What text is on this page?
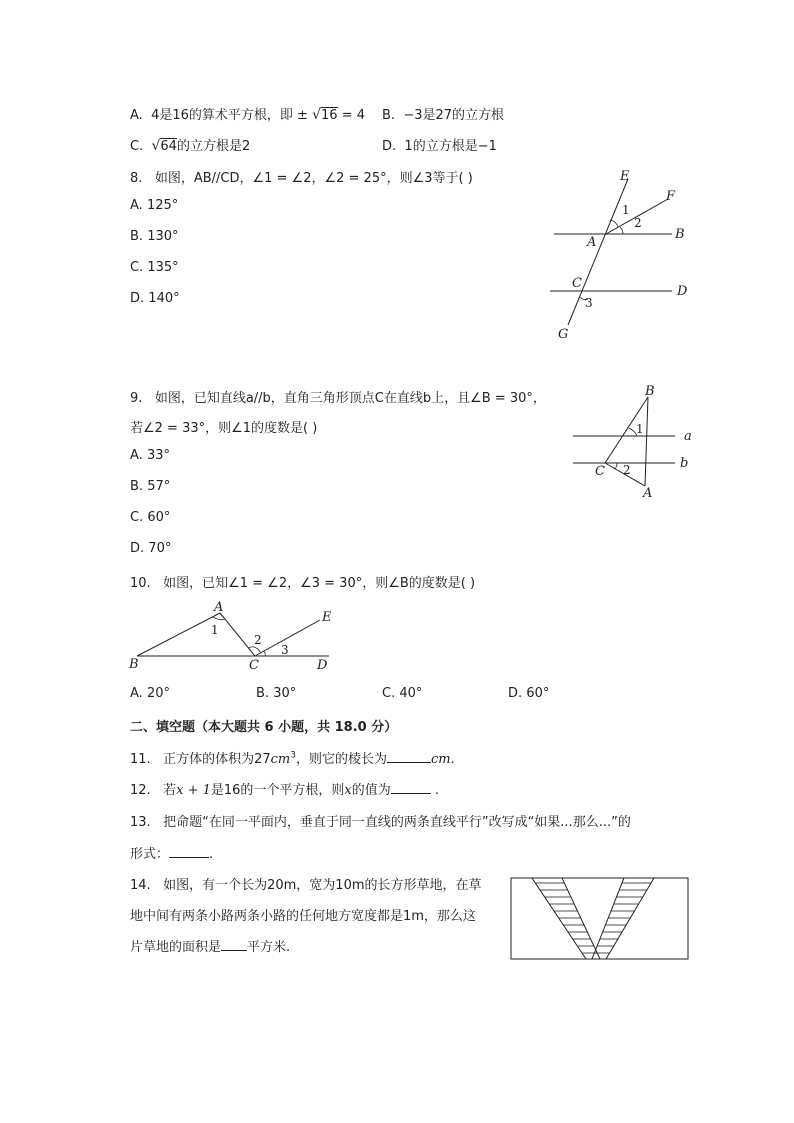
A. 4是16的算术平方根，即 ± √16 = 4 B. −3是27的立方根
C. √64的立方根是2	D. 1的立方根是−1
8. 如图，AB//CD，∠1 = ∠2，∠2 = 25°，则∠3等于( )
A. 125°
B. 130°
C. 135°
D. 140°
E
F
A
B
C
D
G
1
2
3
9. 如图，已知直线a//b，直角三角形顶点C在直线b上，且∠B = 30°，
若∠2 = 33°，则∠1的度数是( )
A. 33°
B. 57°
C. 60°
D. 70°
B
a
b
C
A
1
2
10. 如图，已知∠1 = ∠2，∠3 = 30°，则∠B的度数是( )
A
B	C	D
E
1
2
3
A. 20°	B. 30°	C. 40°	D. 60°
二、填空题（本大题共 6 小题，共 18.0 分）
11. 正方体的体积为$27cm^3$，则它的棱长为	cm.
12. 若x + 1是16的一个平方根，则x的值为	.
13. 把命题“在同一平面内，垂直于同一直线的两条直线平行”改写成“如果...那么...”的
形式：	.
14. 如图，有一个长为20m，宽为10m的长方形草地，在草
地中间有两条小路两条小路的任何地方宽度都是1m，那么这
片草地的面积是 平方米.
